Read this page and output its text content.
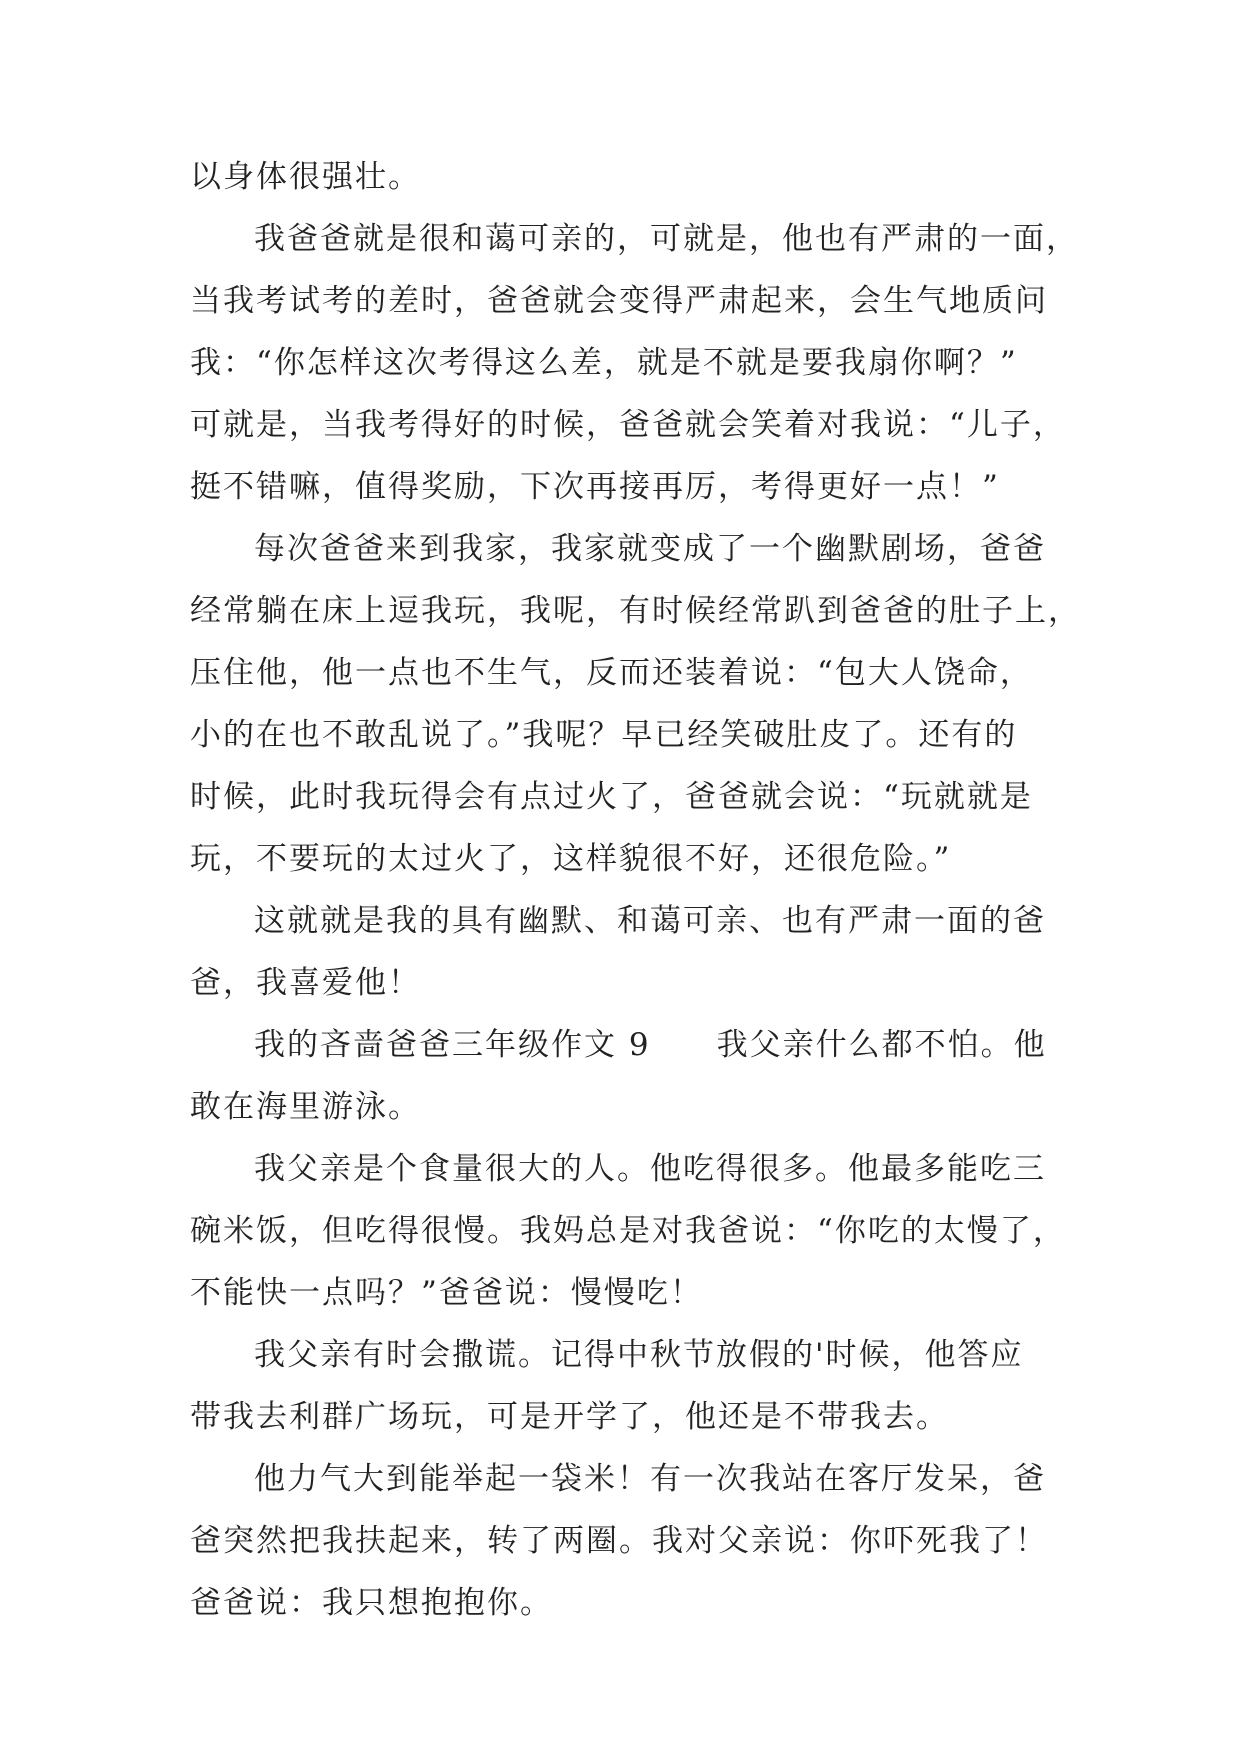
以身体很强壮。
我爸爸就是很和蔼可亲的，可就是，他也有严肃的一面，
当我考试考的差时，爸爸就会变得严肃起来，会生气地质问
我：“你怎样这次考得这么差，就是不就是要我扇你啊？”
可就是，当我考得好的时候，爸爸就会笑着对我说：“儿子，
挺不错嘛，值得奖励，下次再接再厉，考得更好一点！”
每次爸爸来到我家，我家就变成了一个幽默剧场，爸爸
经常躺在床上逗我玩，我呢，有时候经常趴到爸爸的肚子上，
压住他，他一点也不生气，反而还装着说：“包大人饶命，
小的在也不敢乱说了。”我呢？早已经笑破肚皮了。还有的
时候，此时我玩得会有点过火了，爸爸就会说：“玩就就是
玩，不要玩的太过火了，这样貌很不好，还很危险。”
这就就是我的具有幽默、和蔼可亲、也有严肃一面的爸
爸，我喜爱他！
我的吝啬爸爸三年级作文 9　　我父亲什么都不怕。他
敢在海里游泳。
我父亲是个食量很大的人。他吃得很多。他最多能吃三
碗米饭，但吃得很慢。我妈总是对我爸说：“你吃的太慢了，
不能快一点吗？”爸爸说：慢慢吃！
我父亲有时会撒谎。记得中秋节放假的'时候，他答应
带我去利群广场玩，可是开学了，他还是不带我去。
他力气大到能举起一袋米！有一次我站在客厅发呆，爸
爸突然把我扶起来，转了两圈。我对父亲说：你吓死我了！
爸爸说：我只想抱抱你。
